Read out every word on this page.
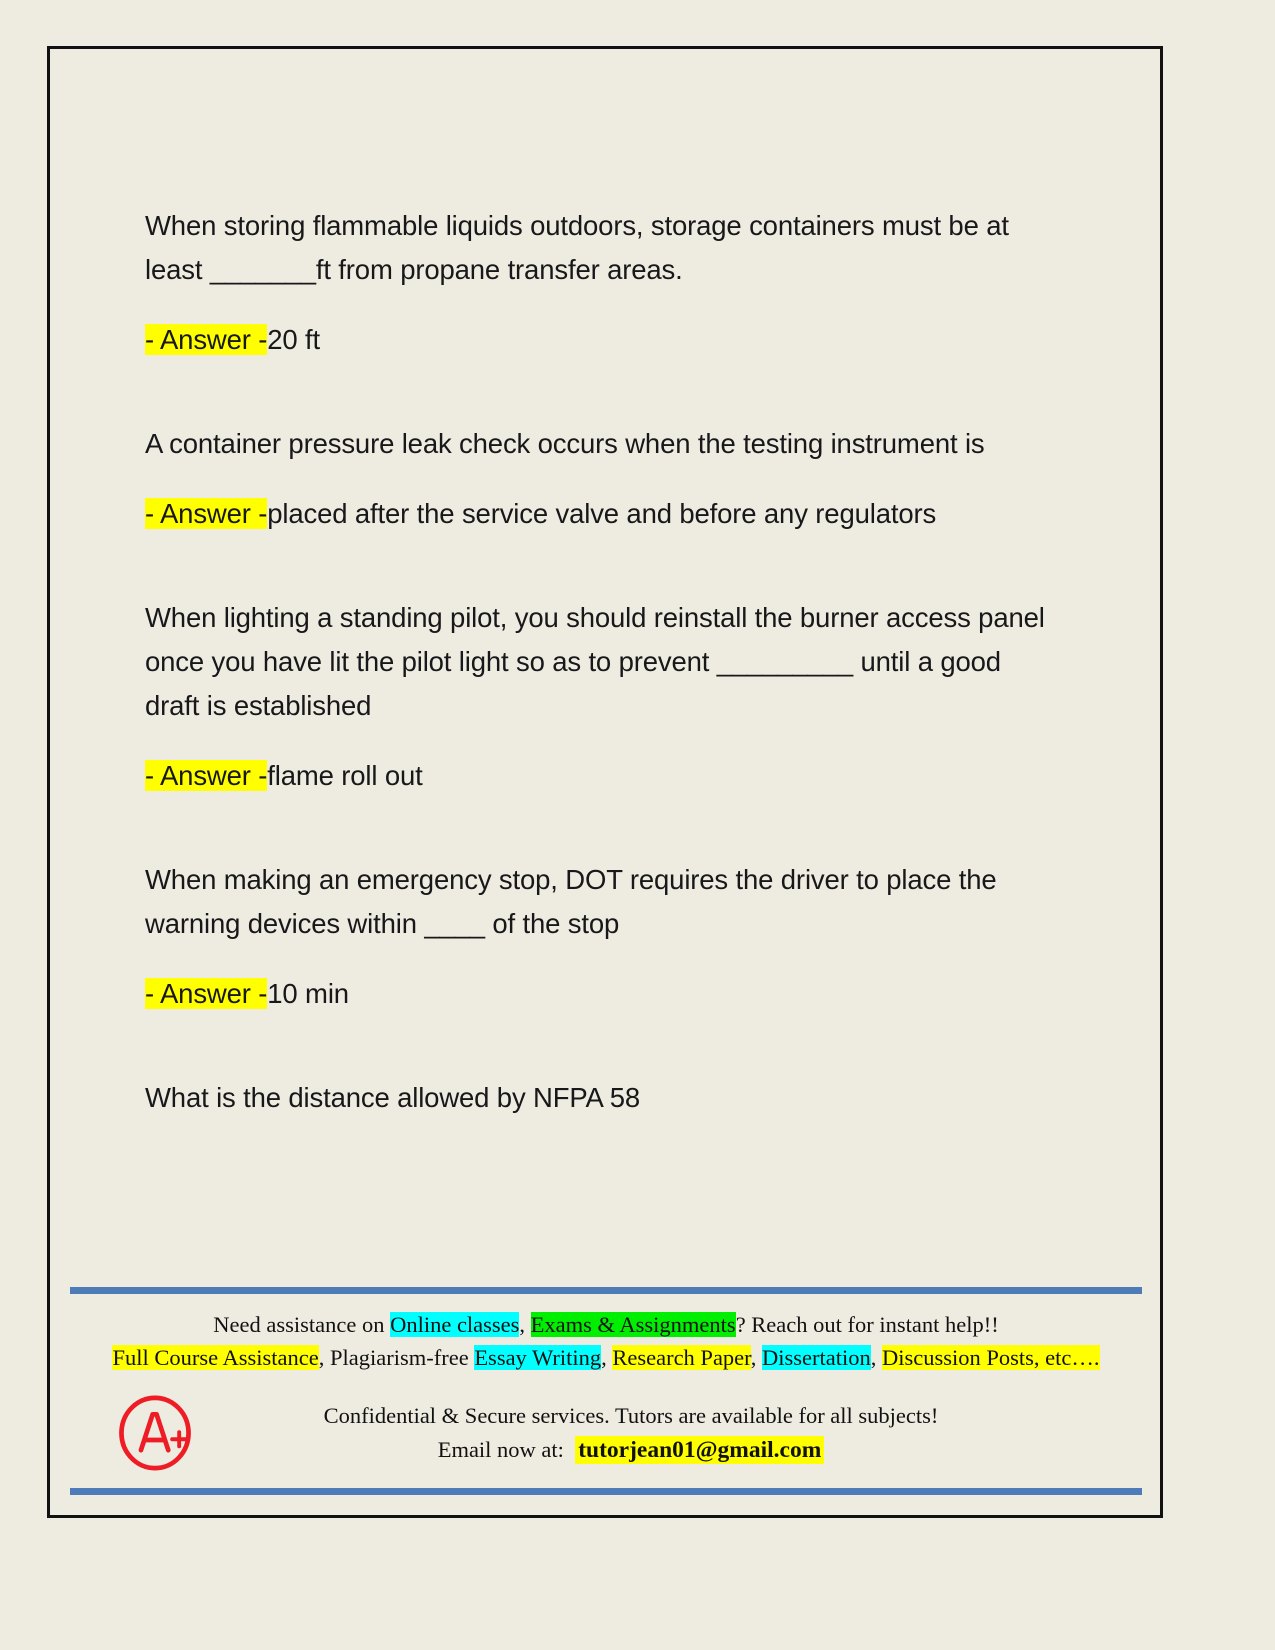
When storing flammable liquids outdoors, storage containers must be at least _______ft from propane transfer areas.

- Answer -20 ft

A container pressure leak check occurs when the testing instrument is

- Answer -placed after the service valve and before any regulators

When lighting a standing pilot, you should reinstall the burner access panel once you have lit the pilot light so as to prevent _________ until a good draft is established

- Answer -flame roll out

When making an emergency stop, DOT requires the driver to place the warning devices within ____ of the stop

- Answer -10 min

What is the distance allowed by NFPA 58

Need assistance on Online classes, Exams & Assignments? Reach out for instant help!!
Full Course Assistance, Plagiarism-free Essay Writing, Research Paper, Dissertation, Discussion Posts, etc….
Confidential & Secure services. Tutors are available for all subjects!
Email now at: tutorjean01@gmail.com
